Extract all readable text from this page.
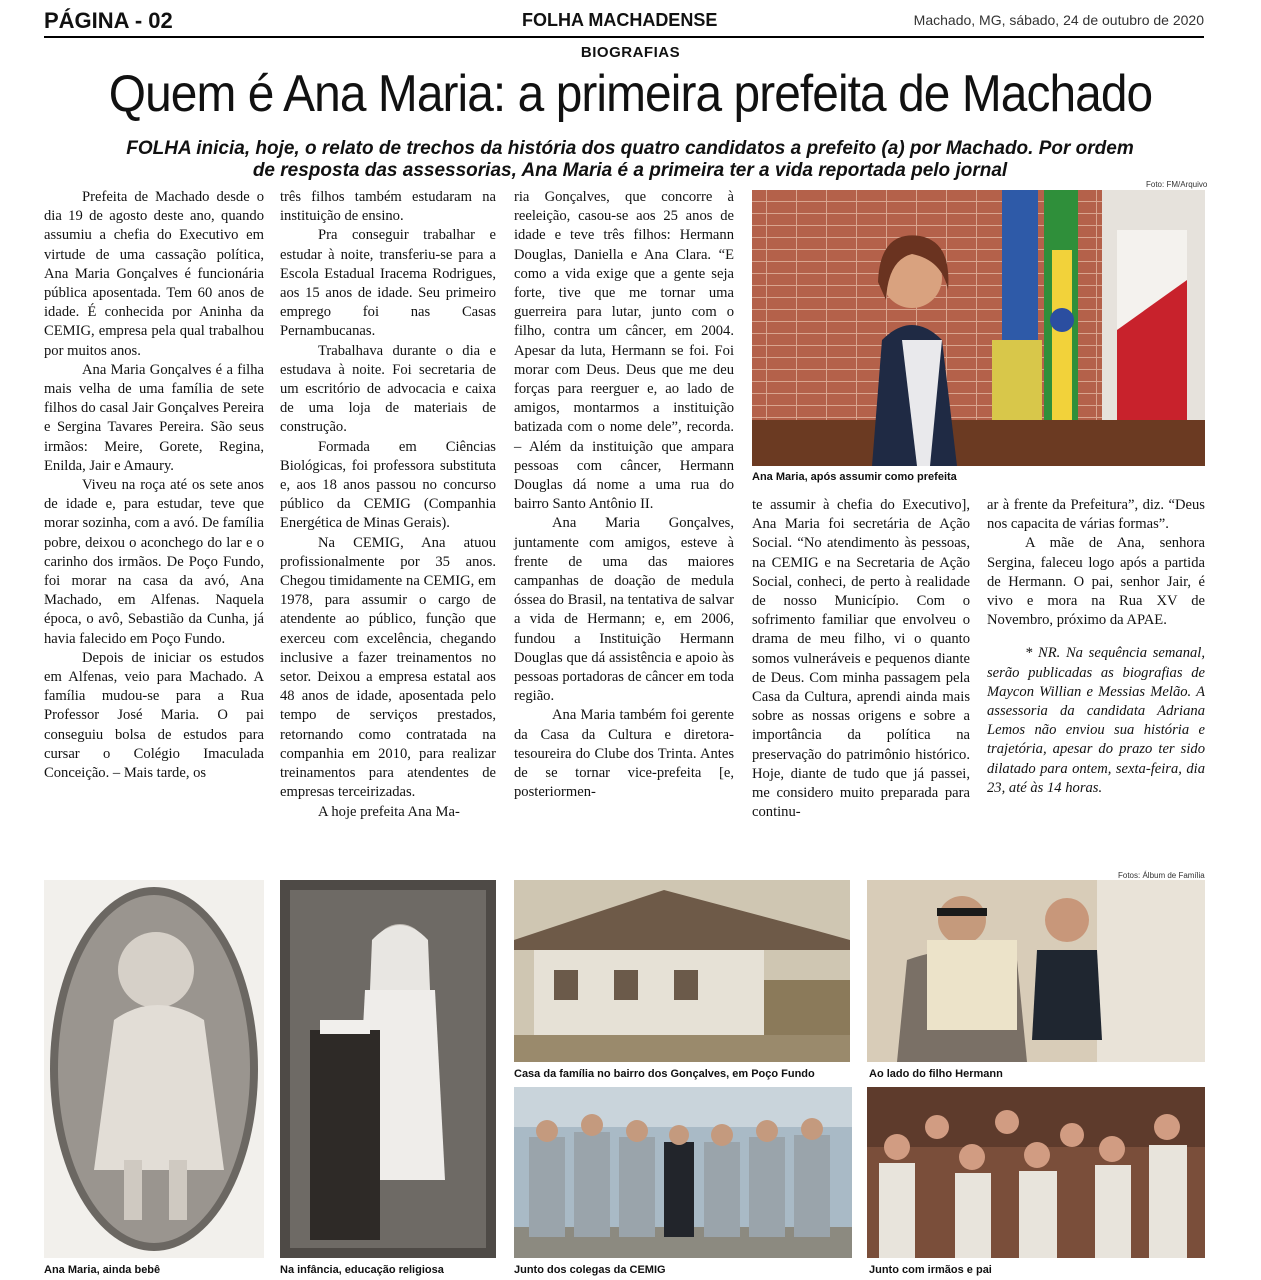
PÁGINA - 02	FOLHA MACHADENSE	Machado, MG, sábado, 24 de outubro de 2020
BIOGRAFIAS
Quem é Ana Maria: a primeira prefeita de Machado
FOLHA inicia, hoje, o relato de trechos da história dos quatro candidatos a prefeito (a) por Machado. Por ordem
de resposta das assessorias, Ana Maria é a primeira ter a vida reportada pelo jornal

Prefeita de Machado desde o dia 19 de agosto deste ano, quando assumiu a chefia do Executivo em virtude de uma cassação política, Ana Maria Gonçalves é funcionária pública aposentada. Tem 60 anos de idade. É conhecida por Aninha da CEMIG, empresa pela qual trabalhou por muitos anos.

Ana Maria Gonçalves é a filha mais velha de uma família de sete filhos do casal Jair Gonçalves Pereira e Sergina Tavares Pereira. São seus irmãos: Meire, Gorete, Regina, Enilda, Jair e Amaury.

Viveu na roça até os sete anos de idade e, para estudar, teve que morar sozinha, com a avó. De família pobre, deixou o aconchego do lar e o carinho dos irmãos. De Poço Fundo, foi morar na casa da avó, Ana Machado, em Alfenas. Naquela época, o avô, Sebastião da Cunha, já havia falecido em Poço Fundo.

Depois de iniciar os estudos em Alfenas, veio para Machado. A família mudou-se para a Rua Professor José Maria. O pai conseguiu bolsa de estudos para cursar o Colégio Imaculada Conceição. – Mais tarde, os

três filhos também estudaram na instituição de ensino.

Pra conseguir trabalhar e estudar à noite, transferiu-se para a Escola Estadual Iracema Rodrigues, aos 15 anos de idade. Seu primeiro emprego foi nas Casas Pernambucanas.

Trabalhava durante o dia e estudava à noite. Foi secretaria de um escritório de advocacia e caixa de uma loja de materiais de construção.

Formada em Ciências Biológicas, foi professora substituta e, aos 18 anos passou no concurso público da CEMIG (Companhia Energética de Minas Gerais).

Na CEMIG, Ana atuou profissionalmente por 35 anos. Chegou timidamente na CEMIG, em 1978, para assumir o cargo de atendente ao público, função que exerceu com excelência, chegando inclusive a fazer treinamentos no setor. Deixou a empresa estatal aos 48 anos de idade, aposentada pelo tempo de serviços prestados, retornando como contratada na companhia em 2010, para realizar treinamentos para atendentes de empresas terceirizadas.

A hoje prefeita Ana Ma-

ria Gonçalves, que concorre à reeleição, casou-se aos 25 anos de idade e teve três filhos: Hermann Douglas, Daniella e Ana Clara. “E como a vida exige que a gente seja forte, tive que me tornar uma guerreira para lutar, junto com o filho, contra um câncer, em 2004. Apesar da luta, Hermann se foi. Foi morar com Deus. Deus que me deu forças para reerguer e, ao lado de amigos, montarmos a instituição batizada com o nome dele”, recorda. – Além da instituição que ampara pessoas com câncer, Hermann Douglas dá nome a uma rua do bairro Santo Antônio II.

Ana Maria Gonçalves, juntamente com amigos, esteve à frente de uma das maiores campanhas de doação de medula óssea do Brasil, na tentativa de salvar a vida de Hermann; e, em 2006, fundou a Instituição Hermann Douglas que dá assistência e apoio às pessoas portadoras de câncer em toda região.

Ana Maria também foi gerente da Casa da Cultura e diretora-tesoureira do Clube dos Trinta. Antes de se tornar vice-prefeita [e, posteriormen-

te assumir à chefia do Executivo], Ana Maria foi secretária de Ação Social. “No atendimento às pessoas, na CEMIG e na Secretaria de Ação Social, conheci, de perto à realidade de nosso Município. Com o sofrimento familiar que envolveu o drama de meu filho, vi o quanto somos vulneráveis e pequenos diante de Deus. Com minha passagem pela Casa da Cultura, aprendi ainda mais sobre as nossas origens e sobre a importância da política na preservação do patrimônio histórico. Hoje, diante de tudo que já passei, me considero muito preparada para continu-

ar à frente da Prefeitura”, diz. “Deus nos capacita de várias formas”.

A mãe de Ana, senhora Sergina, faleceu logo após a partida de Hermann. O pai, senhor Jair, é vivo e mora na Rua XV de Novembro, próximo da APAE.

* NR. Na sequência semanal, serão publicadas as biografias de Maycon Willian e Messias Melão. A assessoria da candidata Adriana Lemos não enviou sua história e trajetória, apesar do prazo ter sido dilatado para ontem, sexta-feira, dia 23, até às 14 horas.

Foto: FM/Arquivo
Ana Maria, após assumir como prefeita
Fotos: Álbum de Família
Ana Maria, ainda bebê	Na infância, educação religiosa
Casa da família no bairro dos Gonçalves, em Poço Fundo	Ao lado do filho Hermann
Junto dos colegas da CEMIG	Junto com irmãos e pai
